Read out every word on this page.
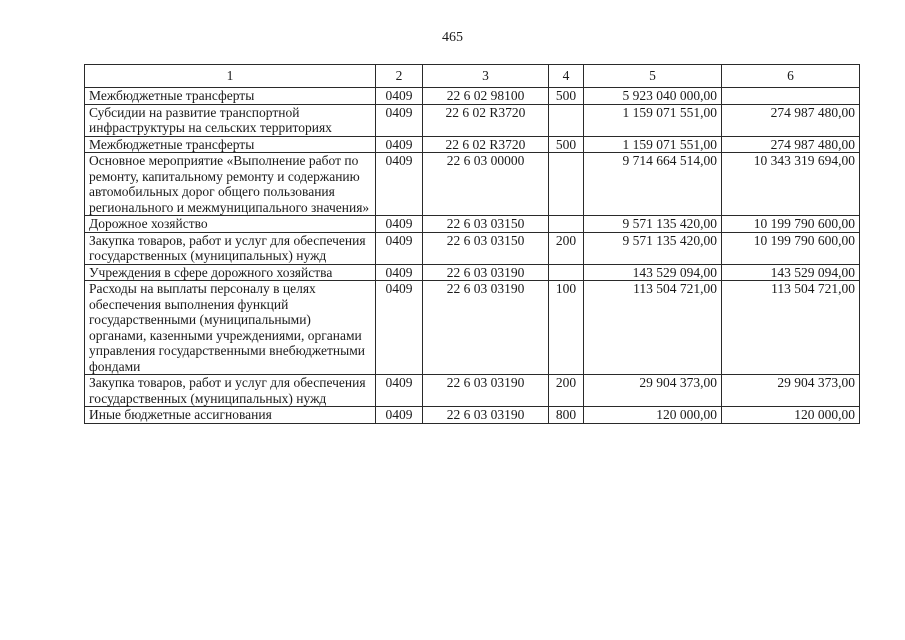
465
1	2	3	4	5	6
Межбюджетные трансферты	0409	22 6 02 98100	500	5 923 040 000,00	
Субсидии на развитие транспортной инфраструктуры на сельских территориях	0409	22 6 02 R3720		1 159 071 551,00	274 987 480,00
Межбюджетные трансферты	0409	22 6 02 R3720	500	1 159 071 551,00	274 987 480,00
Основное мероприятие «Выполнение работ по ремонту, капитальному ремонту и содержанию автомобильных дорог общего пользования регионального и межмуниципального значения»	0409	22 6 03 00000		9 714 664 514,00	10 343 319 694,00
Дорожное хозяйство	0409	22 6 03 03150		9 571 135 420,00	10 199 790 600,00
Закупка товаров, работ и услуг для обеспечения государственных (муниципальных) нужд	0409	22 6 03 03150	200	9 571 135 420,00	10 199 790 600,00
Учреждения в сфере дорожного хозяйства	0409	22 6 03 03190		143 529 094,00	143 529 094,00
Расходы на выплаты персоналу в целях обеспечения выполнения функций государственными (муниципальными) органами, казенными учреждениями, органами управления государственными внебюджетными фондами	0409	22 6 03 03190	100	113 504 721,00	113 504 721,00
Закупка товаров, работ и услуг для обеспечения государственных (муниципальных) нужд	0409	22 6 03 03190	200	29 904 373,00	29 904 373,00
Иные бюджетные ассигнования	0409	22 6 03 03190	800	120 000,00	120 000,00
